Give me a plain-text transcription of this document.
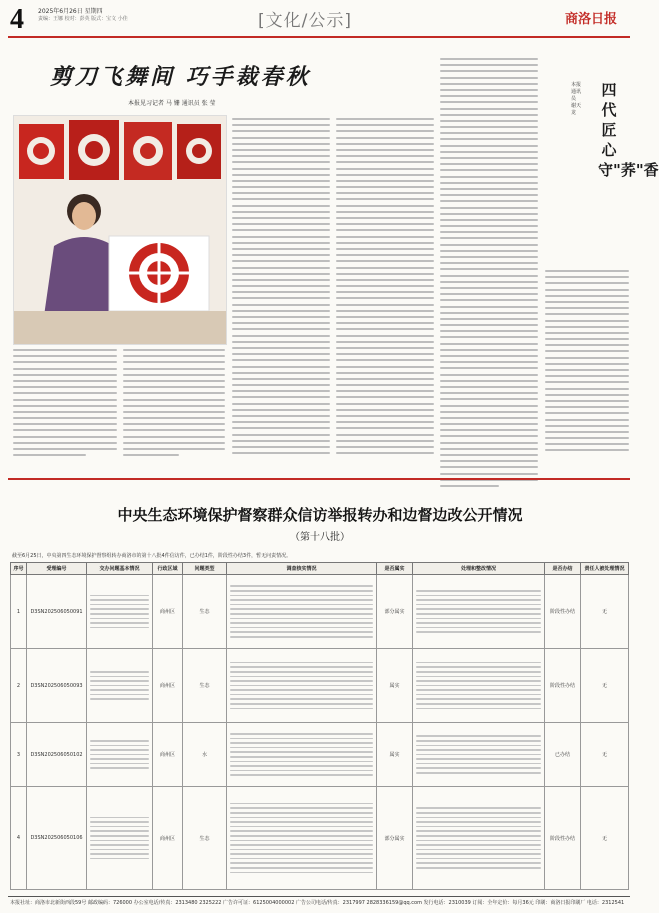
4 2025年6月26日 星期四
责编：王娜 校对：彭英 版式：宝文 小佳	[文化/公示]	商洛日报
剪刀飞舞间 巧手裁春秋
本报见习记者 马 姗 通讯员 张 莹
四代匠心守"荞"香
本报通讯员 谢天龙
中央生态环境保护督察群众信访举报转办和边督边改公开情况
（第十八批）
截至6月25日，中央第四生态环境保护督察组转办商洛市的第十八批4件信访件，已办结1件，阶段性办结3件，暂无问责情况。
序号	受理编号	交办问题基本情况	行政区域	问题类型	调查核实情况	是否属实	处理和整改情况	是否办结	责任人被处理情况
1	D3SN202506050091		商州区	生态		部分属实		阶段性办结	无
2	D3SN202506050093		商州区	生态		属实		阶段性办结	无
3	D3SN202506050102		商州区	水		属实		已办结	无
4	D3SN202506050106		商州区	生态		部分属实		阶段性办结	无
本报社址：商洛市北新街西段59号 邮政编码：726000 办公室电话/传真：2313480 2325222 广告许可证：6125004000002 广告公司电话/传真：2317997 2828336159@qq.com 发行电话：2310039 订阅：全年定价：每月36元 印刷：商洛日报印刷厂 电话：2312541
